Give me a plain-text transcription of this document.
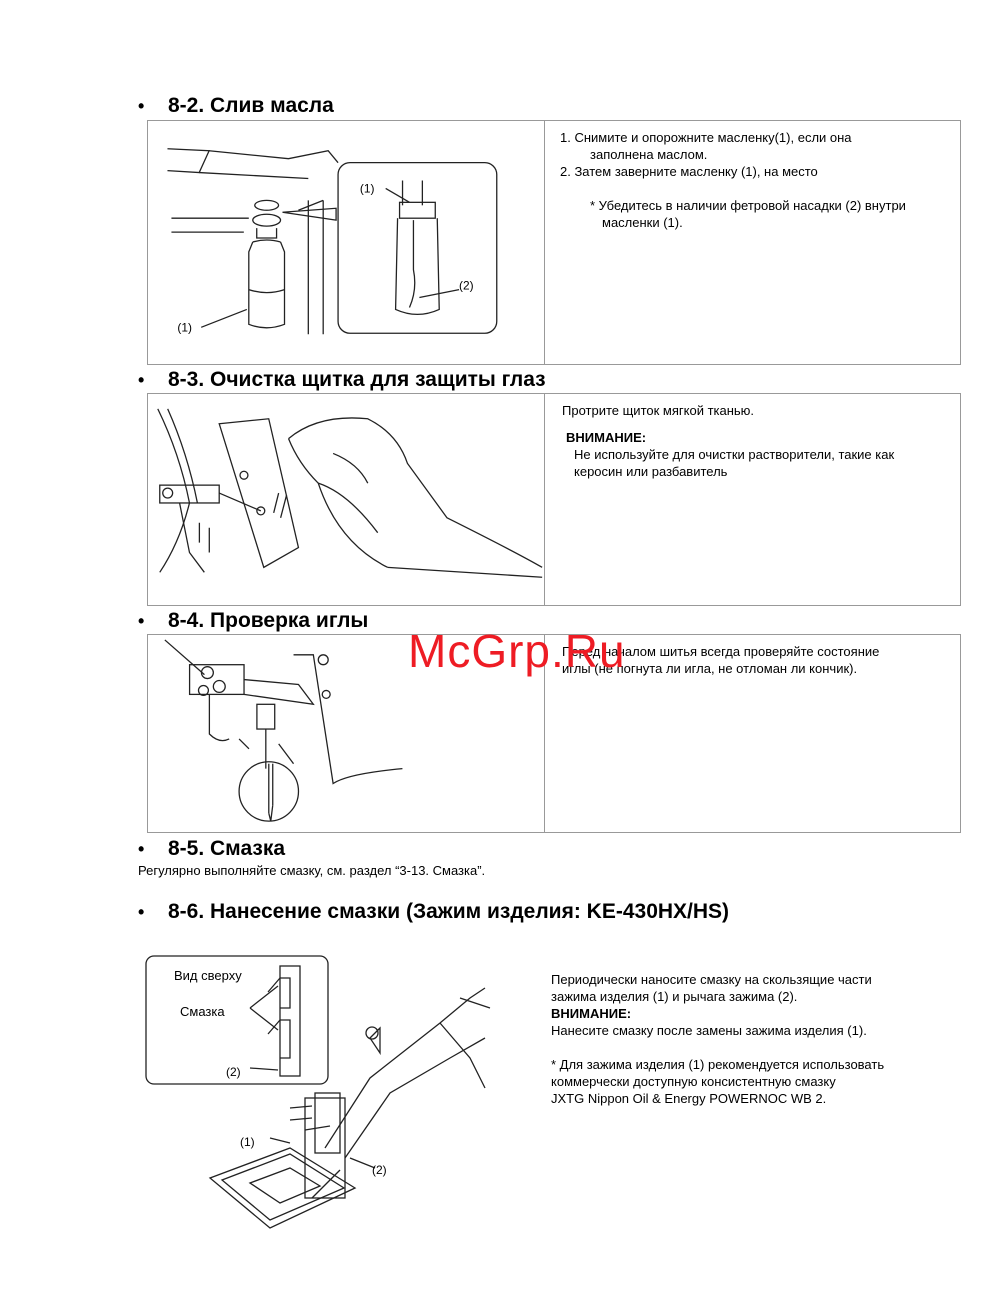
•	8-2. Слив масла
(1)
(1)
(2)

1. Снимите и опорожните масленку(1), если она

заполнена маслом.

2. Затем заверните масленку (1), на место

* Убедитесь в наличии фетровой насадки (2) внутри

масленки (1).

•	8-3. Очистка щитка для защиты глаз

Протрите щиток мягкой тканью.

ВНИМАНИЕ:

Не используйте для очистки растворители, такие как

керосин или разбавитель

•	8-4. Проверка иглы

Перед началом шитья всегда проверяйте состояние

иглы (не погнута ли игла, не отломан ли кончик).

McGrp.Ru
•	8-5. Смазка

Регулярно выполняйте смазку, см. раздел “3-13. Смазка”.

•	8-6. Нанесение смазки (Зажим изделия: KE-430HX/HS)
Вид сверху
Смазка
(2)
(1)
(2)

Периодически наносите смазку на скользящие части

зажима изделия (1) и рычага зажима (2).

ВНИМАНИЕ:

Нанесите смазку после замены зажима изделия (1).

* Для зажима изделия (1) рекомендуется использовать

коммерчески доступную консистентную смазку

JXTG Nippon Oil & Energy POWERNOC WB 2.
